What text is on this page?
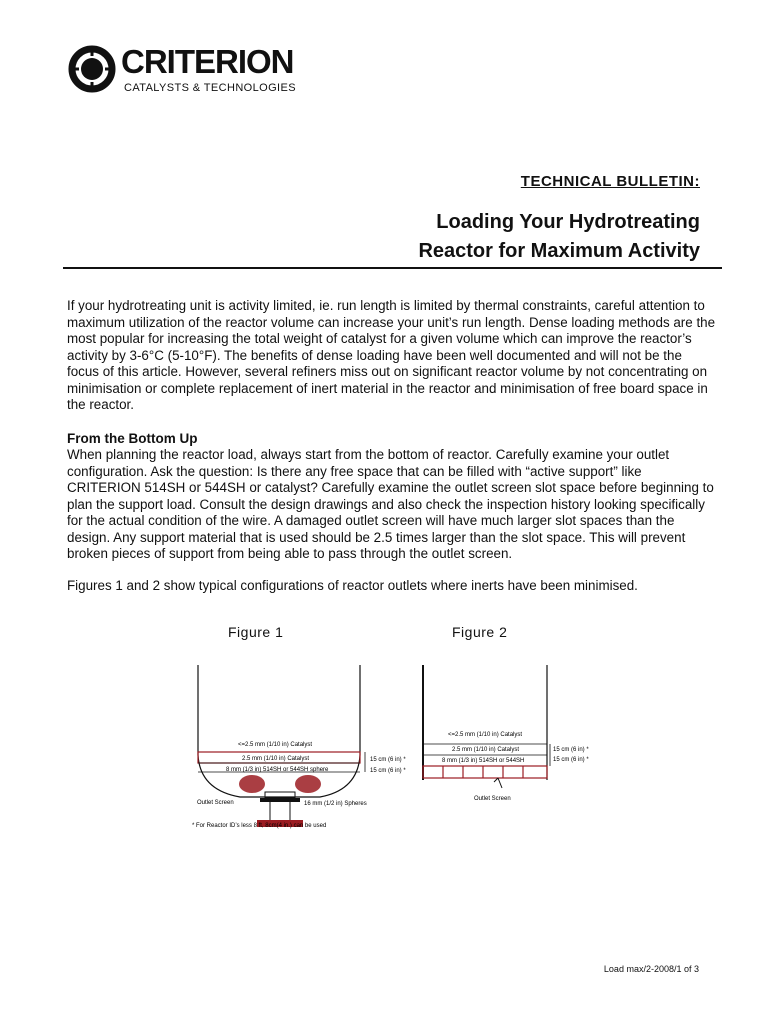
CRITERION
CATALYSTS & TECHNOLOGIES
TECHNICAL BULLETIN:
Loading Your Hydrotreating
Reactor for Maximum Activity
If your hydrotreating unit is activity limited, ie. run length is limited by thermal constraints, careful attention to maximum utilization of the reactor volume can increase your unit’s run length. Dense loading methods are the most popular for increasing the total weight of catalyst for a given volume which can improve the reactor’s activity by 3-6°C (5-10°F). The benefits of dense loading have been well documented and will not be the focus of this article. However, several refiners miss out on significant reactor volume by not concentrating on minimisation or complete replacement of inert material in the reactor and minimisation of free board space in the reactor.
From the Bottom Up
When planning the reactor load, always start from the bottom of reactor. Carefully examine your outlet configuration. Ask the question: Is there any free space that can be filled with “active support” like CRITERION 514SH or 544SH or catalyst? Carefully examine the outlet screen slot space before beginning to plan the support load. Consult the design drawings and also check the inspection history looking specifically for the actual condition of the wire. A damaged outlet screen will have much larger slot spaces than the design. Any support material that is used should be 2.5 times larger than the slot space. This will prevent broken pieces of support from being able to pass through the outlet screen.
Figures 1 and 2 show typical configurations of reactor outlets where inerts have been minimised.
Figure 1	Figure 2
<=2.5 mm (1/10 in) Catalyst
2.5 mm (1/10 in) Catalyst
8 mm (1/3 in) 514SH or 544SH sphere
15 cm (6 in) *
15 cm (6 in) *
Outlet Screen	16 mm (1/2 in) Spheres
* For Reactor ID’s less 8 ft, 8cm(4 in.) can be used
<=2.5 mm (1/10 in) Catalyst
2.5 mm (1/10 in) Catalyst
8 mm (1/3 in) 514SH or 544SH
15 cm (6 in) *
15 cm (6 in) *
Outlet Screen
Load max/2-2008/1 of 3
